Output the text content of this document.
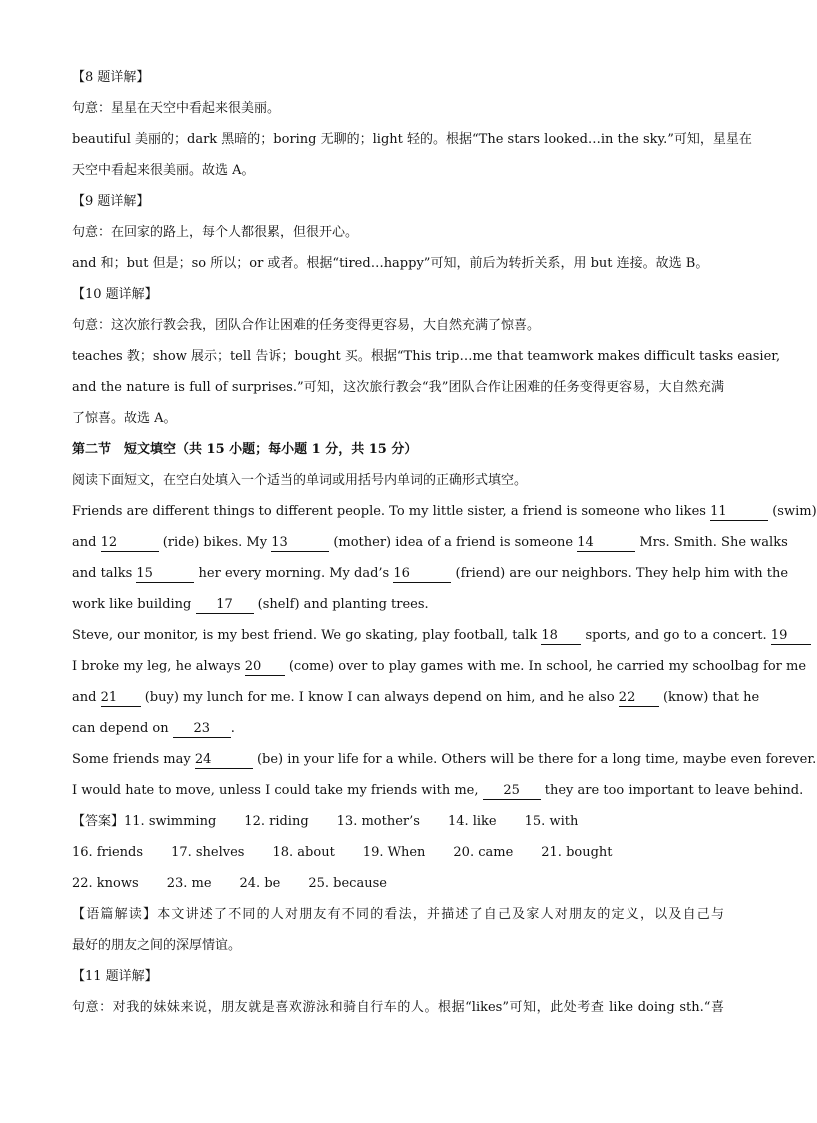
【8 题详解】
句意：星星在天空中看起来很美丽。
beautiful 美丽的；dark 黑暗的；boring 无聊的；light 轻的。根据“The stars looked…in the sky.”可知，星星在
天空中看起来很美丽。故选 A。
【9 题详解】
句意：在回家的路上，每个人都很累，但很开心。
and 和；but 但是；so 所以；or 或者。根据“tired…happy”可知，前后为转折关系，用 but 连接。故选 B。
【10 题详解】
句意：这次旅行教会我，团队合作让困难的任务变得更容易，大自然充满了惊喜。
teaches 教；show 展示；tell 告诉；bought 买。根据“This trip…me that teamwork makes difficult tasks easier,
and the nature is full of surprises.”可知，这次旅行教会“我”团队合作让困难的任务变得更容易，大自然充满
了惊喜。故选 A。
第二节　短文填空（共 15 小题；每小题 1 分，共 15 分）
阅读下面短文，在空白处填入一个适当的单词或用括号内单词的正确形式填空。
Friends are different things to different people. To my little sister, a friend is someone who likes 11	(swim)
and 12	(ride) bikes. My 13	(mother) idea of a friend is someone 14	Mrs. Smith. She walks
and talks 15	her every morning. My dad’s 16	(friend) are our neighbors. They help him with the
work like building 17 (shelf) and planting trees.
Steve, our monitor, is my best friend. We go skating, play football, talk 18 sports, and go to a concert. 19
I broke my leg, he always 20 (come) over to play games with me. In school, he carried my schoolbag for me
and 21 (buy) my lunch for me. I know I can always depend on him, and he also 22 (know) that he
can depend on 23 .
Some friends may 24	(be) in your life for a while. Others will be there for a long time, maybe even forever.
I would hate to move, unless I could take my friends with me, 25 they are too important to leave behind.
【答案】11. swimming 12. riding 13. mother’s 14. like 15. with
16. friends 17. shelves 18. about 19. When 20. came 21. bought
22. knows 23. me 24. be 25. because
【语篇解读】本文讲述了不同的人对朋友有不同的看法，并描述了自己及家人对朋友的定义，以及自己与
最好的朋友之间的深厚情谊。
【11 题详解】
句意：对我的妹妹来说，朋友就是喜欢游泳和骑自行车的人。根据“likes”可知，此处考查 like doing sth.“喜
